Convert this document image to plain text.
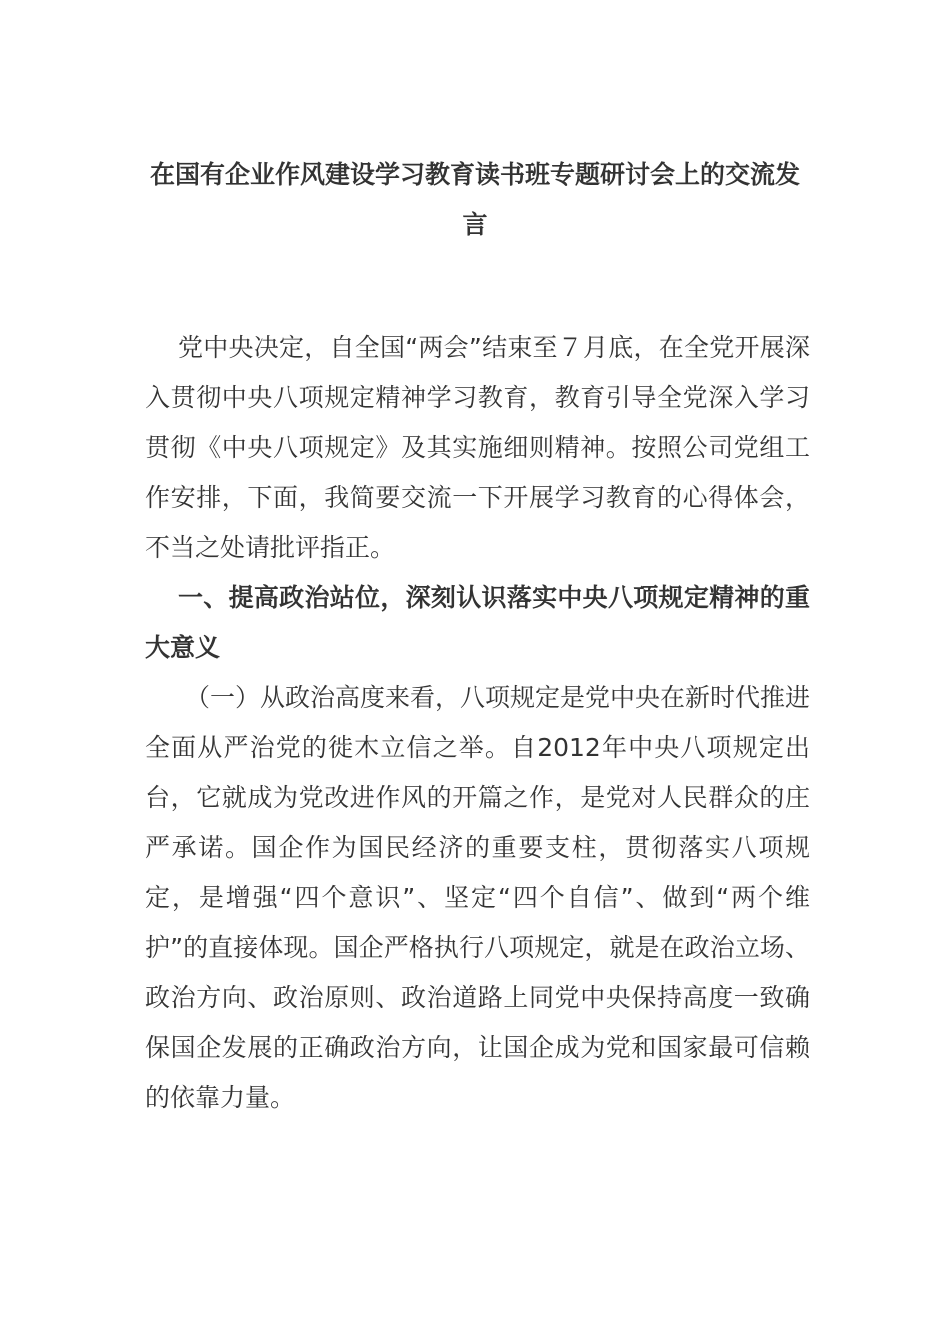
在国有企业作风建设学习教育读书班专题研讨会上的交流发言

党中央决定，自全国“两会”结束至７月底，在全党开展深入贯彻中央八项规定精神学习教育，教育引导全党深入学习贯彻《中央八项规定》及其实施细则精神。按照公司党组工作安排，下面，我简要交流一下开展学习教育的心得体会，不当之处请批评指正。

一、提高政治站位，深刻认识落实中央八项规定精神的重大意义

（一）从政治高度来看，八项规定是党中央在新时代推进全面从严治党的徙木立信之举。自2012年中央八项规定出台，它就成为党改进作风的开篇之作，是党对人民群众的庄严承诺。国企作为国民经济的重要支柱，贯彻落实八项规定，是增强“四个意识”、坚定“四个自信”、做到“两个维护”的直接体现。国企严格执行八项规定，就是在政治立场、政治方向、政治原则、政治道路上同党中央保持高度一致确保国企发展的正确政治方向，让国企成为党和国家最可信赖的依靠力量。
